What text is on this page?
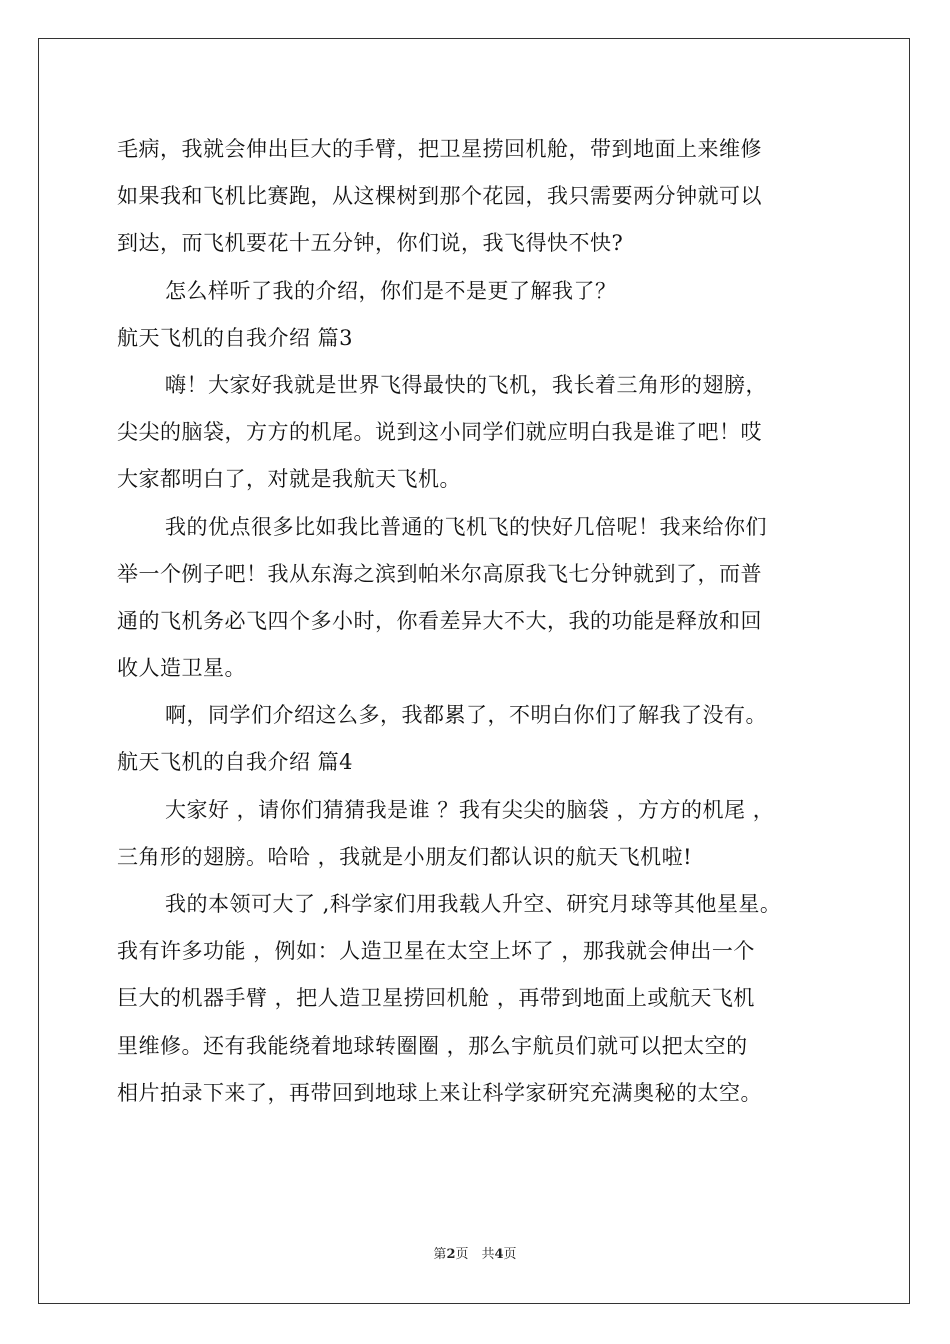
毛病，我就会伸出巨大的手臂，把卫星捞回机舱，带到地面上来维修
如果我和飞机比赛跑，从这棵树到那个花园，我只需要两分钟就可以
到达，而飞机要花十五分钟，你们说，我飞得快不快?
怎么样听了我的介绍，你们是不是更了解我了？
航天飞机的自我介绍 篇3
嗨！大家好我就是世界飞得最快的飞机，我长着三角形的翅膀，
尖尖的脑袋，方方的机尾。说到这小同学们就应明白我是谁了吧！哎
大家都明白了，对就是我航天飞机。
我的优点很多比如我比普通的飞机飞的快好几倍呢！我来给你们
举一个例子吧！我从东海之滨到帕米尔高原我飞七分钟就到了，而普
通的飞机务必飞四个多小时，你看差异大不大，我的功能是释放和回
收人造卫星。
啊，同学们介绍这么多，我都累了，不明白你们了解我了没有。
航天飞机的自我介绍 篇4
大家好 ，请你们猜猜我是谁 ？我有尖尖的脑袋 ，方方的机尾 ，
三角形的翅膀。哈哈 ，我就是小朋友们都认识的航天飞机啦!
我的本领可大了 ,科学家们用我载人升空、研究月球等其他星星。
我有许多功能 ，例如：人造卫星在太空上坏了 ，那我就会伸出一个
巨大的机器手臂 ，把人造卫星捞回机舱 ，再带到地面上或航天飞机
里维修。还有我能绕着地球转圈圈 ，那么宇航员们就可以把太空的
相片拍录下来了，再带回到地球上来让科学家研究充满奥秘的太空。
第2页　共4页
